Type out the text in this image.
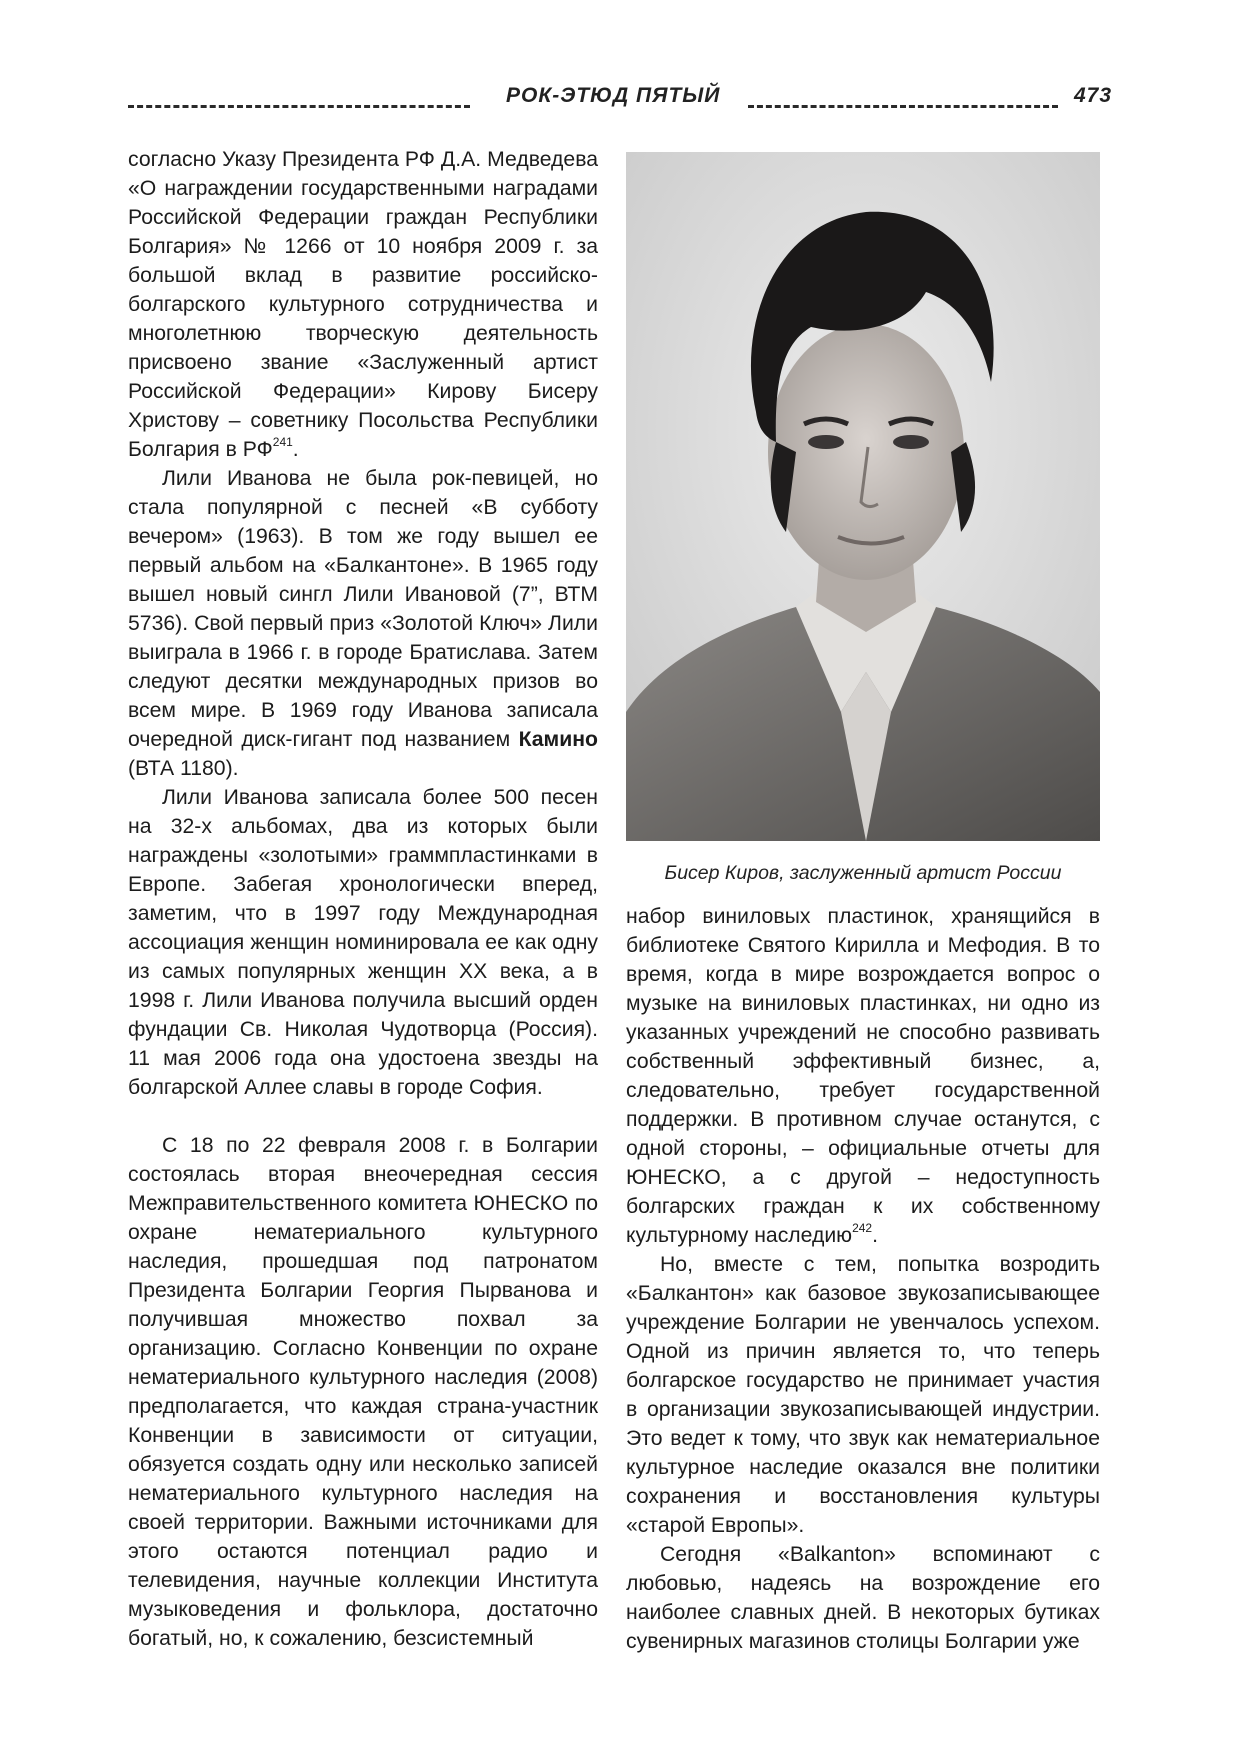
РОК-ЭТЮД ПЯТЫЙ	473

согласно Указу Президента РФ Д.А. Медведева «О награждении государственными наградами Российской Федерации граждан Республики Болгария» № 1266 от 10 ноября 2009 г. за большой вклад в развитие российско-болгарского культурного сотрудничества и многолетнюю творческую деятельность присвоено звание «Заслуженный артист Российской Федерации» Кирову Бисеру Христову – советнику Посольства Республики Болгария в РФ$^{241}$.

Лили Иванова не была рок-певицей, но стала популярной с песней «В субботу вечером» (1963). В том же году вышел ее первый альбом на «Балкантоне». В 1965 году вышел новый сингл Лили Ивановой (7”, ВТМ 5736). Свой первый приз «Золотой Ключ» Лили выиграла в 1966 г. в городе Братислава. Затем следуют десятки международных призов во всем мире. В 1969 году Иванова записала очередной диск-гигант под названием Камино (ВТА 1180).

Лили Иванова записала более 500 песен на 32-х альбомах, два из которых были награждены «золотыми» граммпластинками в Европе. Забегая хронологически вперед, заметим, что в 1997 году Международная ассоциация женщин номинировала ее как одну из самых популярных женщин XX века, а в 1998 г. Лили Иванова получила высший орден фундации Св. Николая Чудотворца (Россия). 11 мая 2006 года она удостоена звезды на болгарской Аллее славы в городе София.

С 18 по 22 февраля 2008 г. в Болгарии состоялась вторая внеочередная сессия Межправительственного комитета ЮНЕСКО по охране нематериального культурного наследия, прошедшая под патронатом Президента Болгарии Георгия Пырванова и получившая множество похвал за организацию. Согласно Конвенции по охране нематериального культурного наследия (2008) предполагается, что каждая страна-участник Конвенции в зависимости от ситуации, обязуется создать одну или несколько записей нематериального культурного наследия на своей территории. Важными источниками для этого остаются потенциал радио и телевидения, научные коллекции Института музыковедения и фольклора, достаточно богатый, но, к сожалению, безсистемный

Бисер Киров, заслуженный артист России

набор виниловых пластинок, хранящийся в библиотеке Святого Кирилла и Мефодия. В то время, когда в мире возрождается вопрос о музыке на виниловых пластинках, ни одно из указанных учреждений не способно развивать собственный эффективный бизнес, а, следовательно, требует государственной поддержки. В противном случае останутся, с одной стороны, – официальные отчеты для ЮНЕСКО, а с другой – недоступность болгарских граждан к их собственному культурному наследию$^{242}$.

Но, вместе с тем, попытка возродить «Балкантон» как базовое звукозаписывающее учреждение Болгарии не увенчалось успехом. Одной из причин является то, что теперь болгарское государство не принимает участия в организации звукозаписывающей индустрии. Это ведет к тому, что звук как нематериальное культурное наследие оказался вне политики сохранения и восстановления культуры «старой Европы».

Сегодня «Balkanton» вспоминают с любовью, надеясь на возрождение его наиболее славных дней. В некоторых бутиках сувенирных магазинов столицы Болгарии уже
